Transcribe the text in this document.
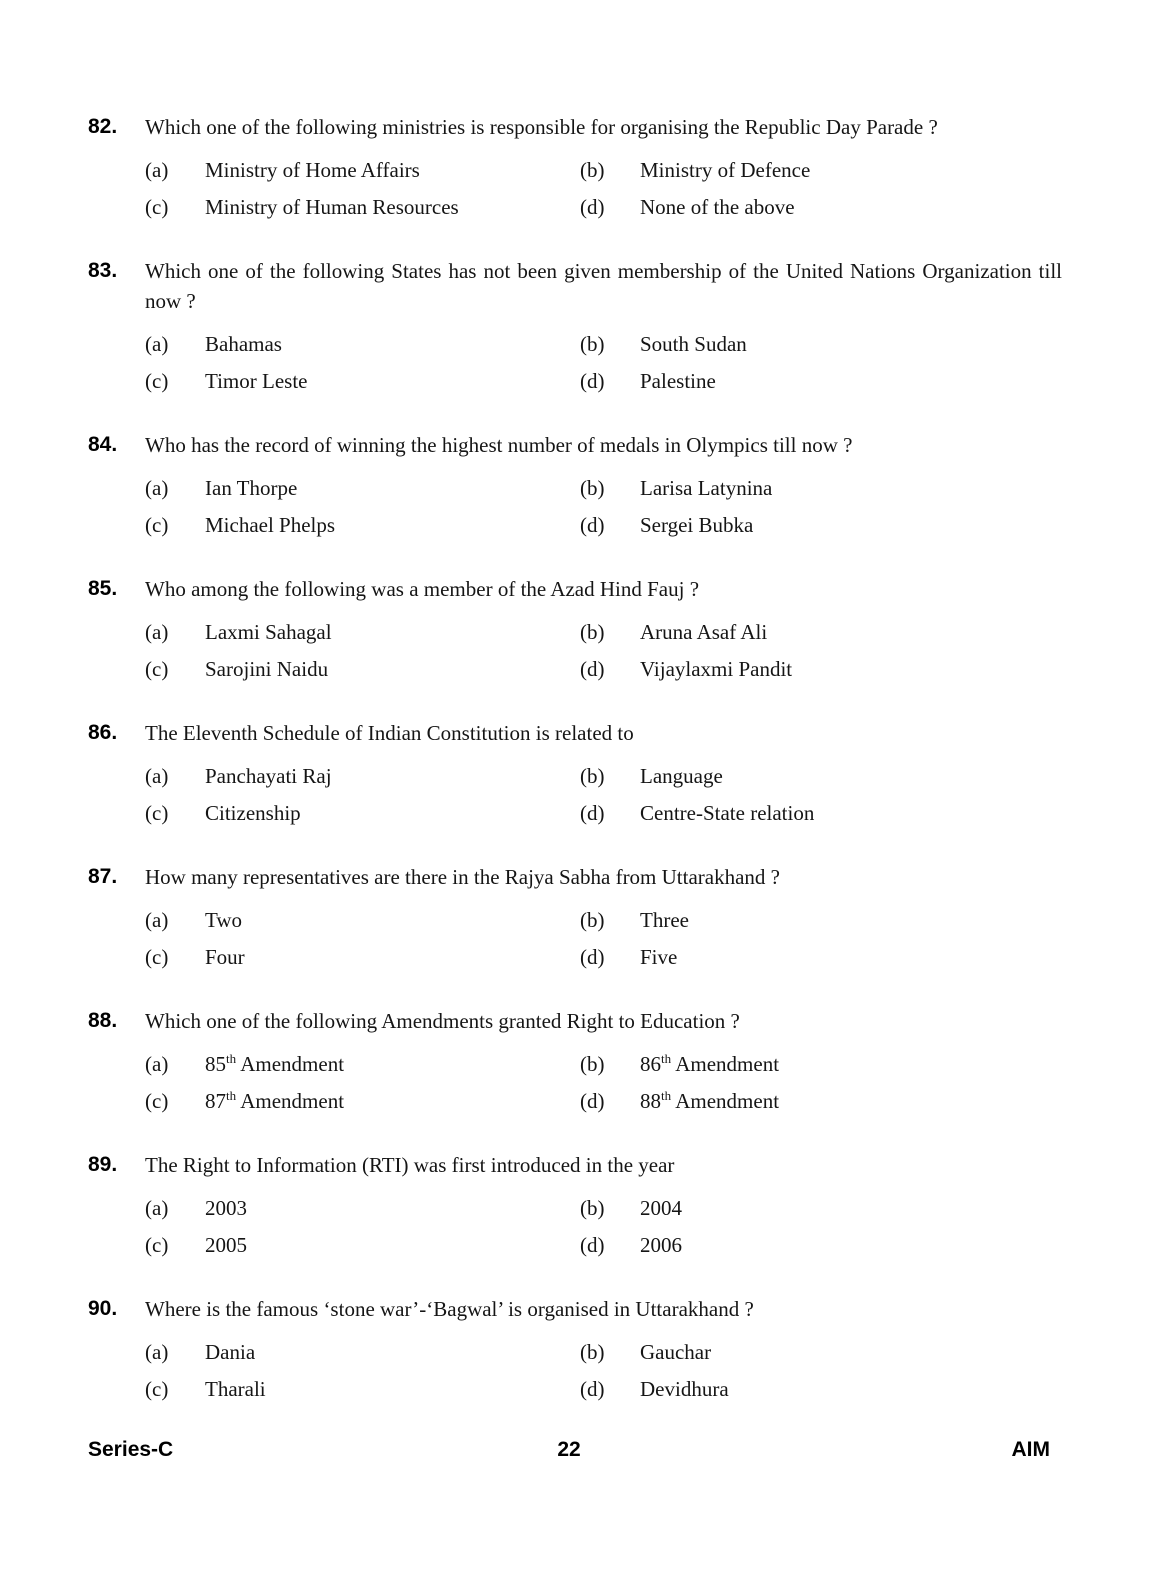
82.	Which one of the following ministries is responsible for organising the Republic Day Parade ?

(a) Ministry of Home Affairs	(b) Ministry of Defence
(c) Ministry of Human Resources	(d) None of the above
83.	Which one of the following States has not been given membership of the United Nations Organization till now ?

(a) Bahamas	(b) South Sudan
(c) Timor Leste	(d) Palestine
84.	Who has the record of winning the highest number of medals in Olympics till now ?

(a) Ian Thorpe	(b) Larisa Latynina
(c) Michael Phelps	(d) Sergei Bubka
85.	Who among the following was a member of the Azad Hind Fauj ?

(a) Laxmi Sahagal	(b) Aruna Asaf Ali
(c) Sarojini Naidu	(d) Vijaylaxmi Pandit
86.	The Eleventh Schedule of Indian Constitution is related to

(a) Panchayati Raj	(b) Language
(c) Citizenship	(d) Centre-State relation
87.	How many representatives are there in the Rajya Sabha from Uttarakhand ?

(a) Two	(b) Three
(c) Four	(d) Five
88.	Which one of the following Amendments granted Right to Education ?

(a) 85th Amendment	(b) 86th Amendment
(c) 87th Amendment	(d) 88th Amendment
89.	The Right to Information (RTI) was first introduced in the year

(a) 2003	(b) 2004
(c) 2005	(d) 2006
90.	Where is the famous ‘stone war’-‘Bagwal’ is organised in Uttarakhand ?

(a) Dania	(b) Gauchar
(c) Tharali	(d) Devidhura
Series-C	22	AIM
